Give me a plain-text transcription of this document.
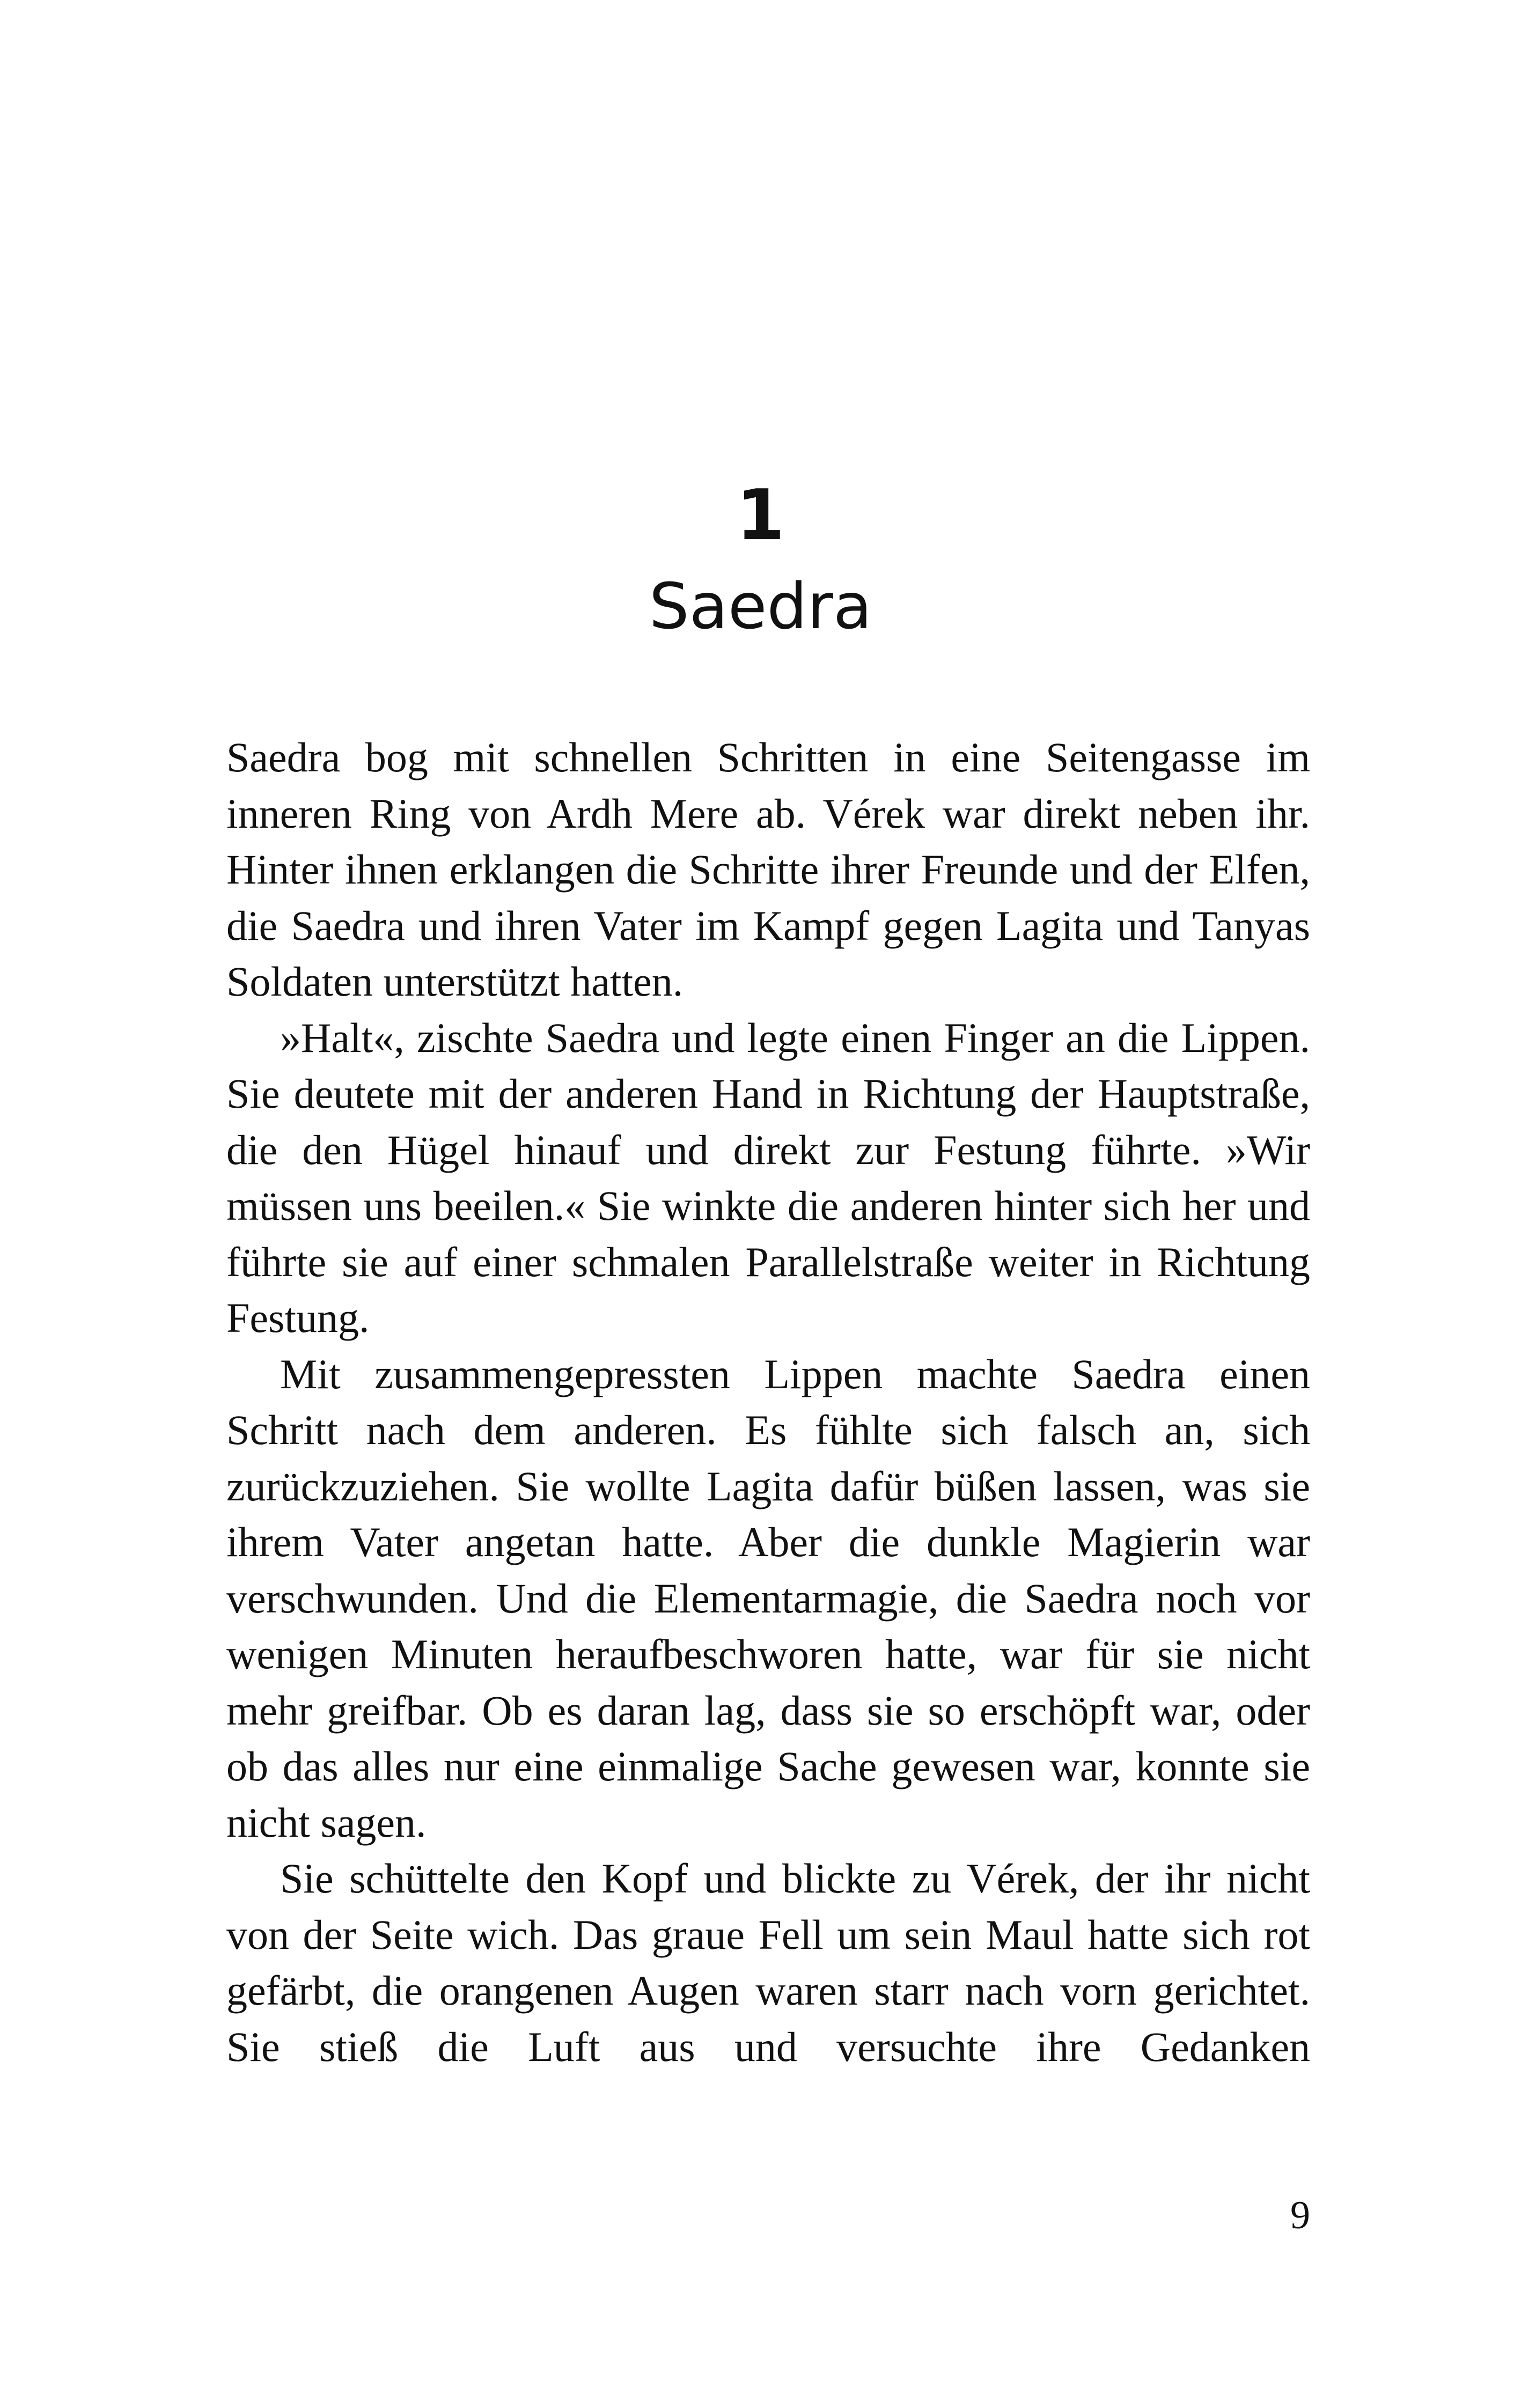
1
Saedra

Saedra bog mit schnellen Schritten in eine Seitengasse im inneren Ring von Ardh Mere ab. Vérek war direkt neben ihr. Hinter ihnen erklangen die Schritte ihrer Freunde und der Elfen, die Saedra und ihren Vater im Kampf gegen Lagita und Tanyas Soldaten unterstützt hatten.

»Halt«, zischte Saedra und legte einen Finger an die Lippen. Sie deutete mit der anderen Hand in Richtung der Hauptstraße, die den Hügel hinauf und direkt zur Festung führte. »Wir müssen uns beeilen.« Sie winkte die anderen hinter sich her und führte sie auf einer schmalen Parallelstraße weiter in Richtung Festung.

Mit zusammengepressten Lippen machte Saedra einen Schritt nach dem anderen. Es fühlte sich falsch an, sich zurückzuziehen. Sie wollte Lagita dafür büßen lassen, was sie ihrem Vater angetan hatte. Aber die dunkle Magierin war verschwunden. Und die Elementarmagie, die Saedra noch vor wenigen Minuten heraufbeschworen hatte, war für sie nicht mehr greifbar. Ob es daran lag, dass sie so erschöpft war, oder ob das alles nur eine einmalige Sache gewesen war, konnte sie nicht sagen.

Sie schüttelte den Kopf und blickte zu Vérek, der ihr nicht von der Seite wich. Das graue Fell um sein Maul hatte sich rot gefärbt, die orangenen Augen waren starr nach vorn gerichtet. Sie stieß die Luft aus und versuchte ihre Gedanken

9
